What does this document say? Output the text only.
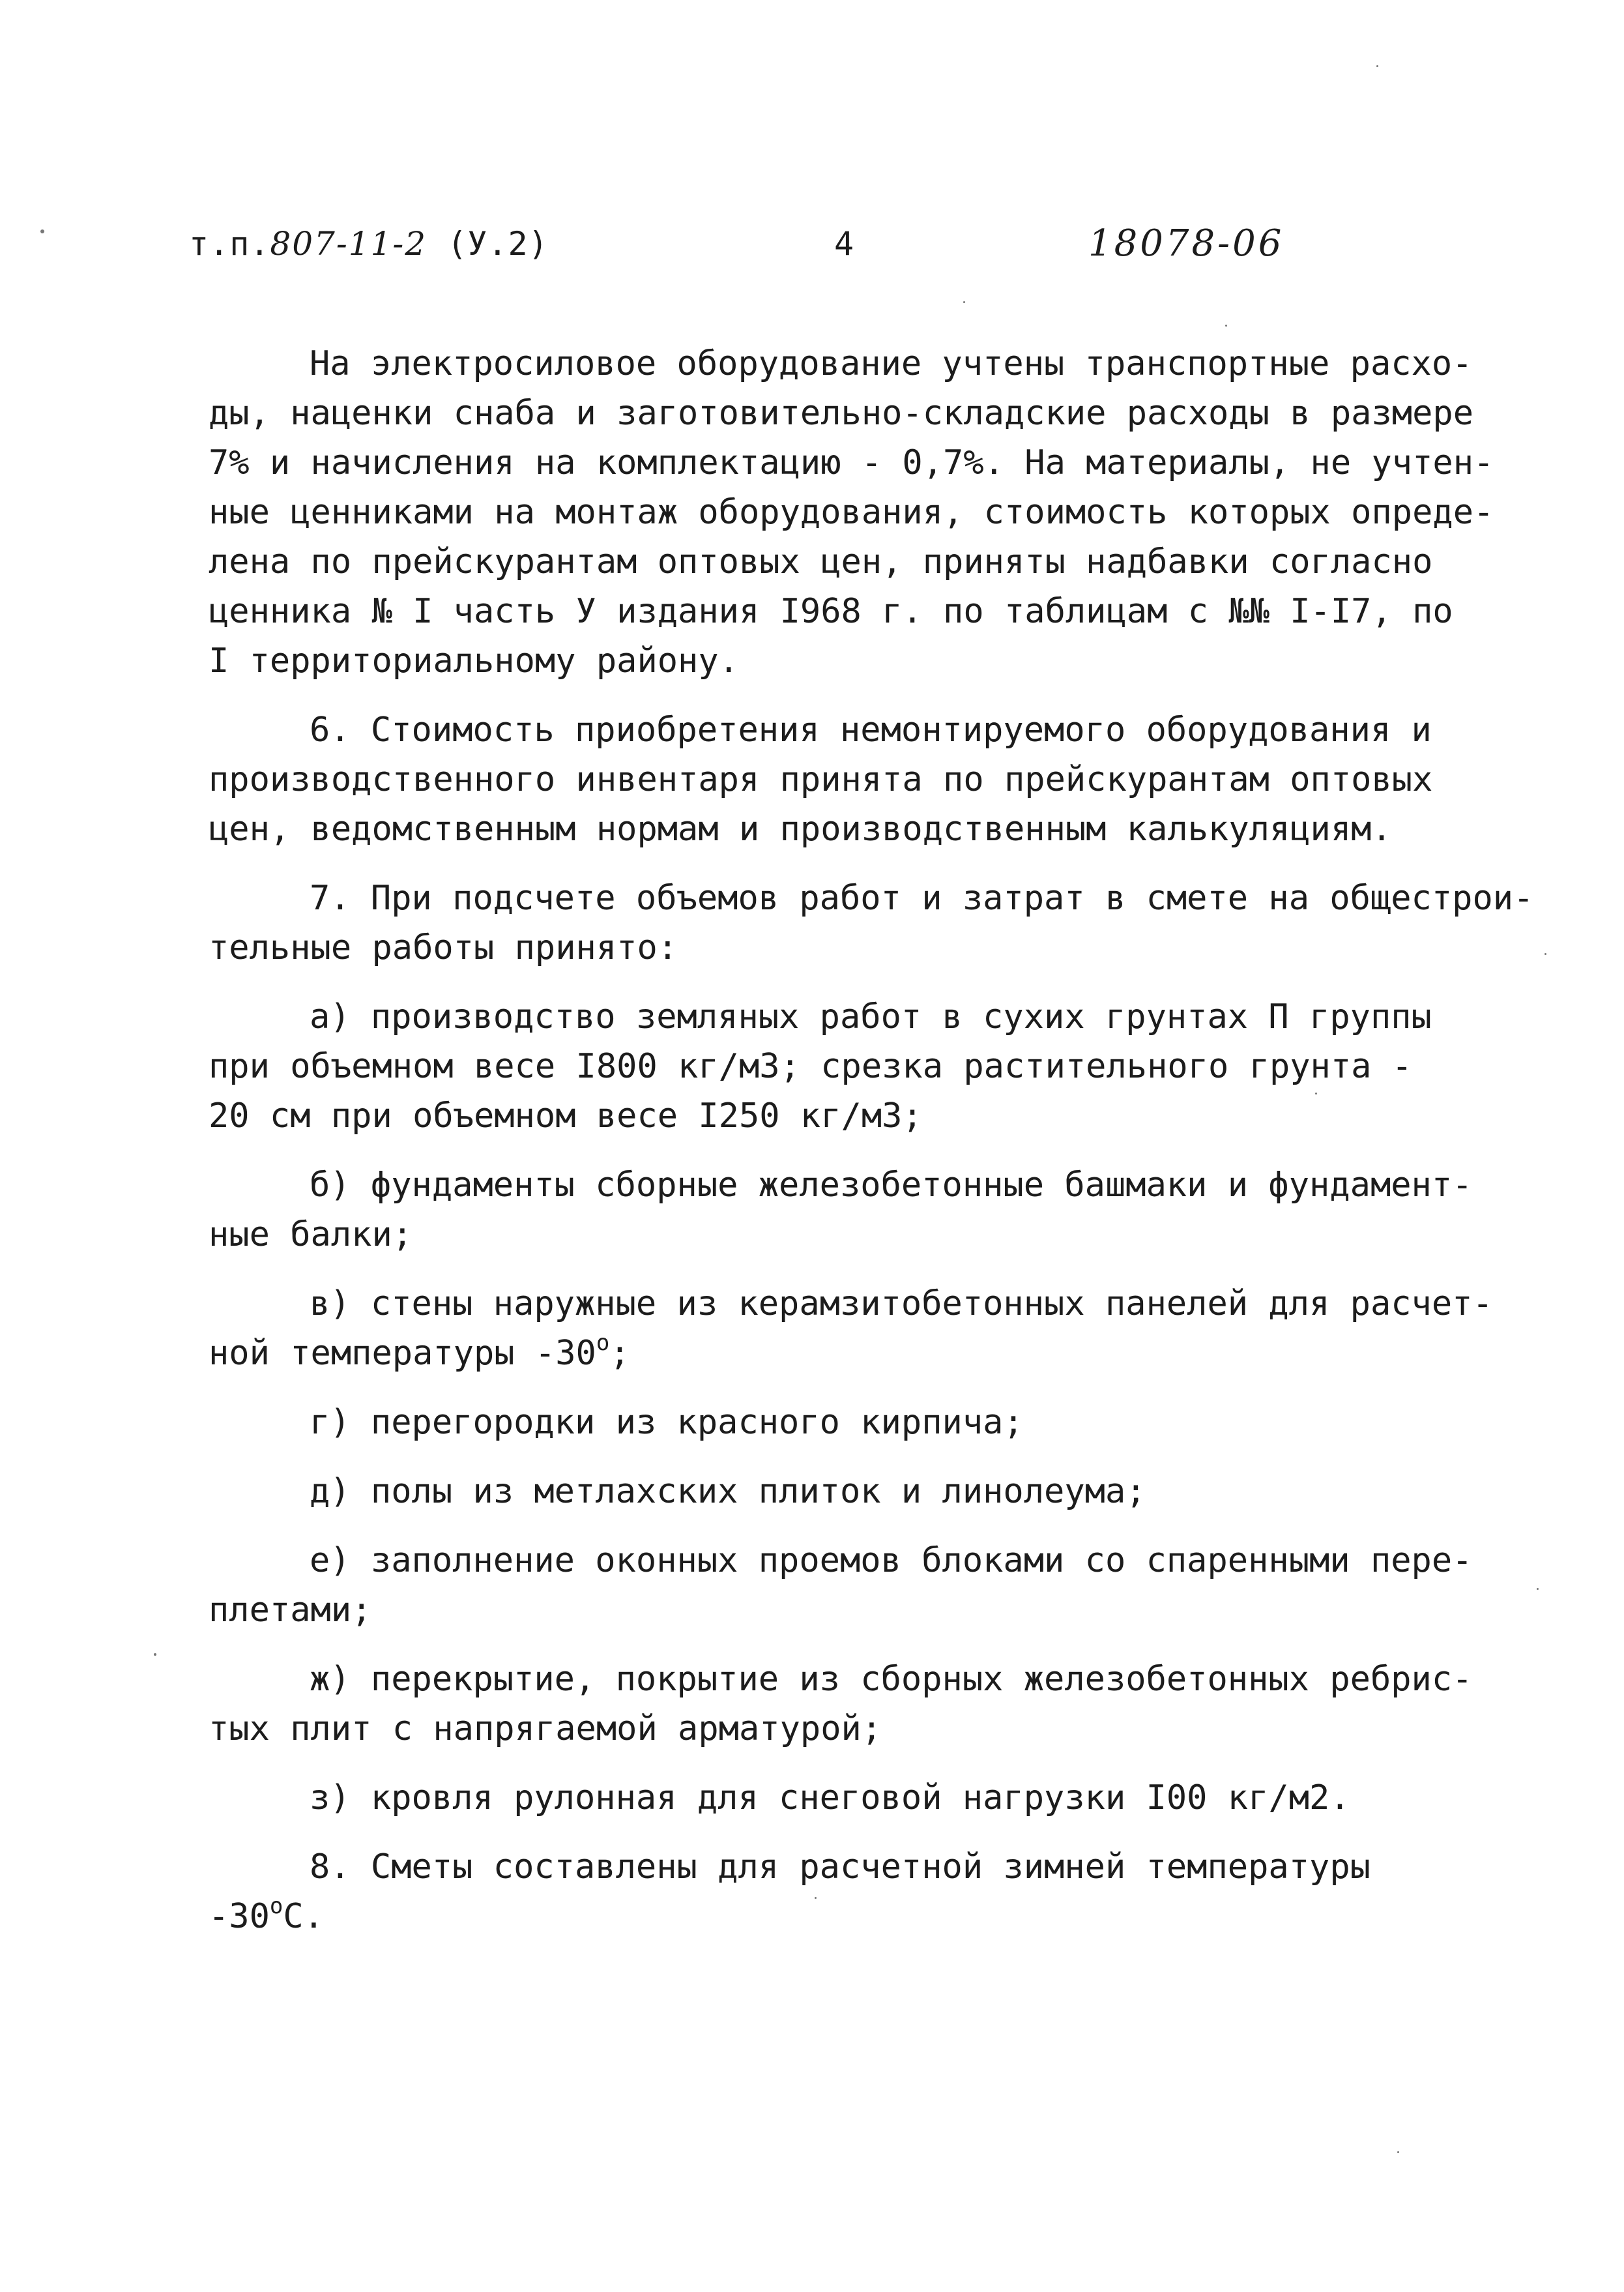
т.п.807-11-2 (У.2)	4	18078-06
На электросиловое оборудование учтены транспортные расхо-
ды, наценки снаба и заготовительно-складские расходы в размере
7% и начисления на комплектацию - 0,7%. На материалы, не учтен-
ные ценниками на монтаж оборудования, стоимость которых опреде-
лена по прейскурантам оптовых цен, приняты надбавки согласно
ценника № I часть У издания I968 г. по таблицам с №№ I-I7, по
I территориальному району.
6. Стоимость приобретения немонтируемого оборудования и
производственного инвентаря принята по прейскурантам оптовых
цен, ведомственным нормам и производственным калькуляциям.
7. При подсчете объемов работ и затрат в смете на общестрои-
тельные работы принято:
а) производство земляных работ в сухих грунтах П группы
при объемном весе I800 кг/м3; срезка растительного грунта -
20 см при объемном весе I250 кг/м3;
б) фундаменты сборные железобетонные башмаки и фундамент-
ные балки;
в) стены наружные из керамзитобетонных панелей для расчет-
ной температуры $-30^о$;
г) перегородки из красного кирпича;
д) полы из метлахских плиток и линолеума;
е) заполнение оконных проемов блоками со спаренными пере-
плетами;
ж) перекрытие, покрытие из сборных железобетонных ребрис-
тых плит с напрягаемой арматурой;
з) кровля рулонная для снеговой нагрузки I00 кг/м2.
8. Сметы составлены для расчетной зимней температуры
$-30^оС$.
